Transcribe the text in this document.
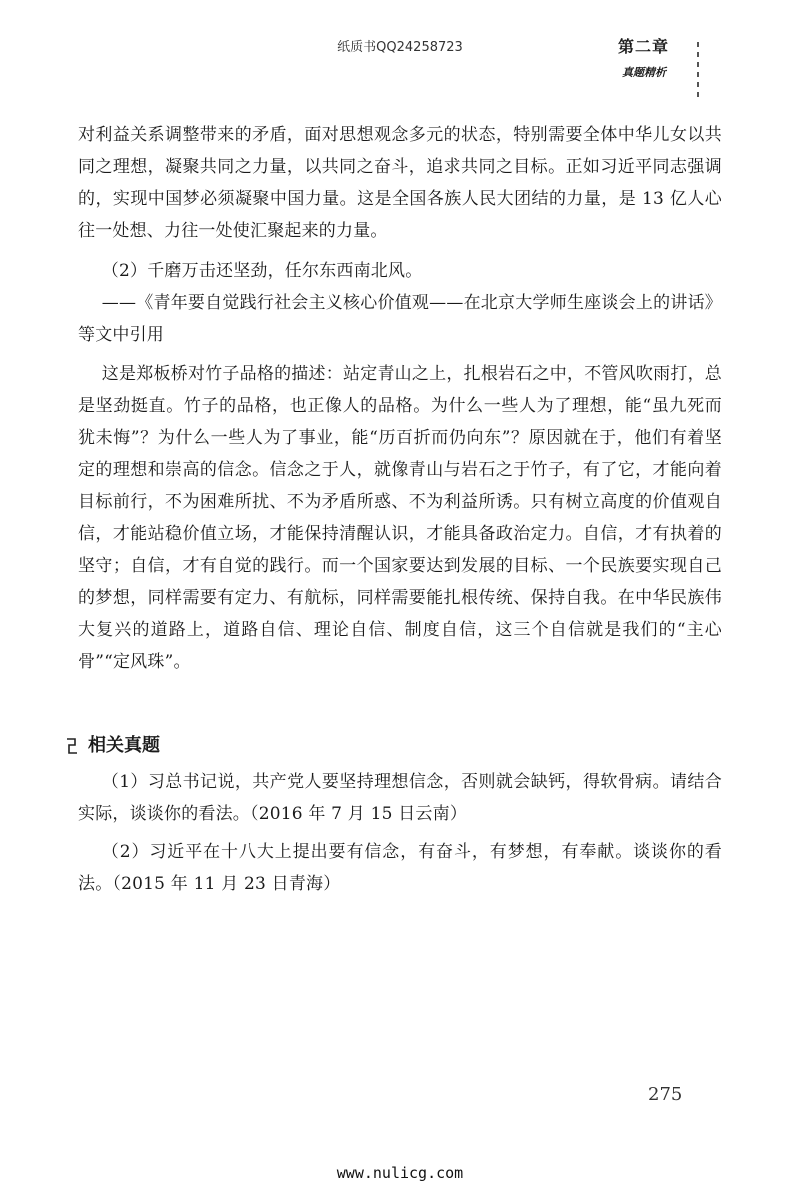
纸质书QQ24258723	第二章
真题精析

对利益关系调整带来的矛盾，面对思想观念多元的状态，特别需要全体中华儿女以共同之理想，凝聚共同之力量，以共同之奋斗，追求共同之目标。正如习近平同志强调的，实现中国梦必须凝聚中国力量。这是全国各族人民大团结的力量，是 13 亿人心往一处想、力往一处使汇聚起来的力量。

（2）千磨万击还坚劲，任尔东西南北风。

——《青年要自觉践行社会主义核心价值观——在北京大学师生座谈会上的讲话》等文中引用

这是郑板桥对竹子品格的描述：站定青山之上，扎根岩石之中，不管风吹雨打，总是坚劲挺直。竹子的品格，也正像人的品格。为什么一些人为了理想，能“虽九死而犹未悔”？为什么一些人为了事业，能“历百折而仍向东”？原因就在于，他们有着坚定的理想和崇高的信念。信念之于人，就像青山与岩石之于竹子，有了它，才能向着目标前行，不为困难所扰、不为矛盾所惑、不为利益所诱。只有树立高度的价值观自信，才能站稳价值立场，才能保持清醒认识，才能具备政治定力。自信，才有执着的坚守；自信，才有自觉的践行。而一个国家要达到发展的目标、一个民族要实现自己的梦想，同样需要有定力、有航标，同样需要能扎根传统、保持自我。在中华民族伟大复兴的道路上，道路自信、理论自信、制度自信，这三个自信就是我们的“主心骨”“定风珠”。

相关真题

（1）习总书记说，共产党人要坚持理想信念，否则就会缺钙，得软骨病。请结合实际，谈谈你的看法。（2016 年 7 月 15 日云南）

（2）习近平在十八大上提出要有信念，有奋斗，有梦想，有奉献。谈谈你的看法。（2015 年 11 月 23 日青海）

275
www.nulicg.com
